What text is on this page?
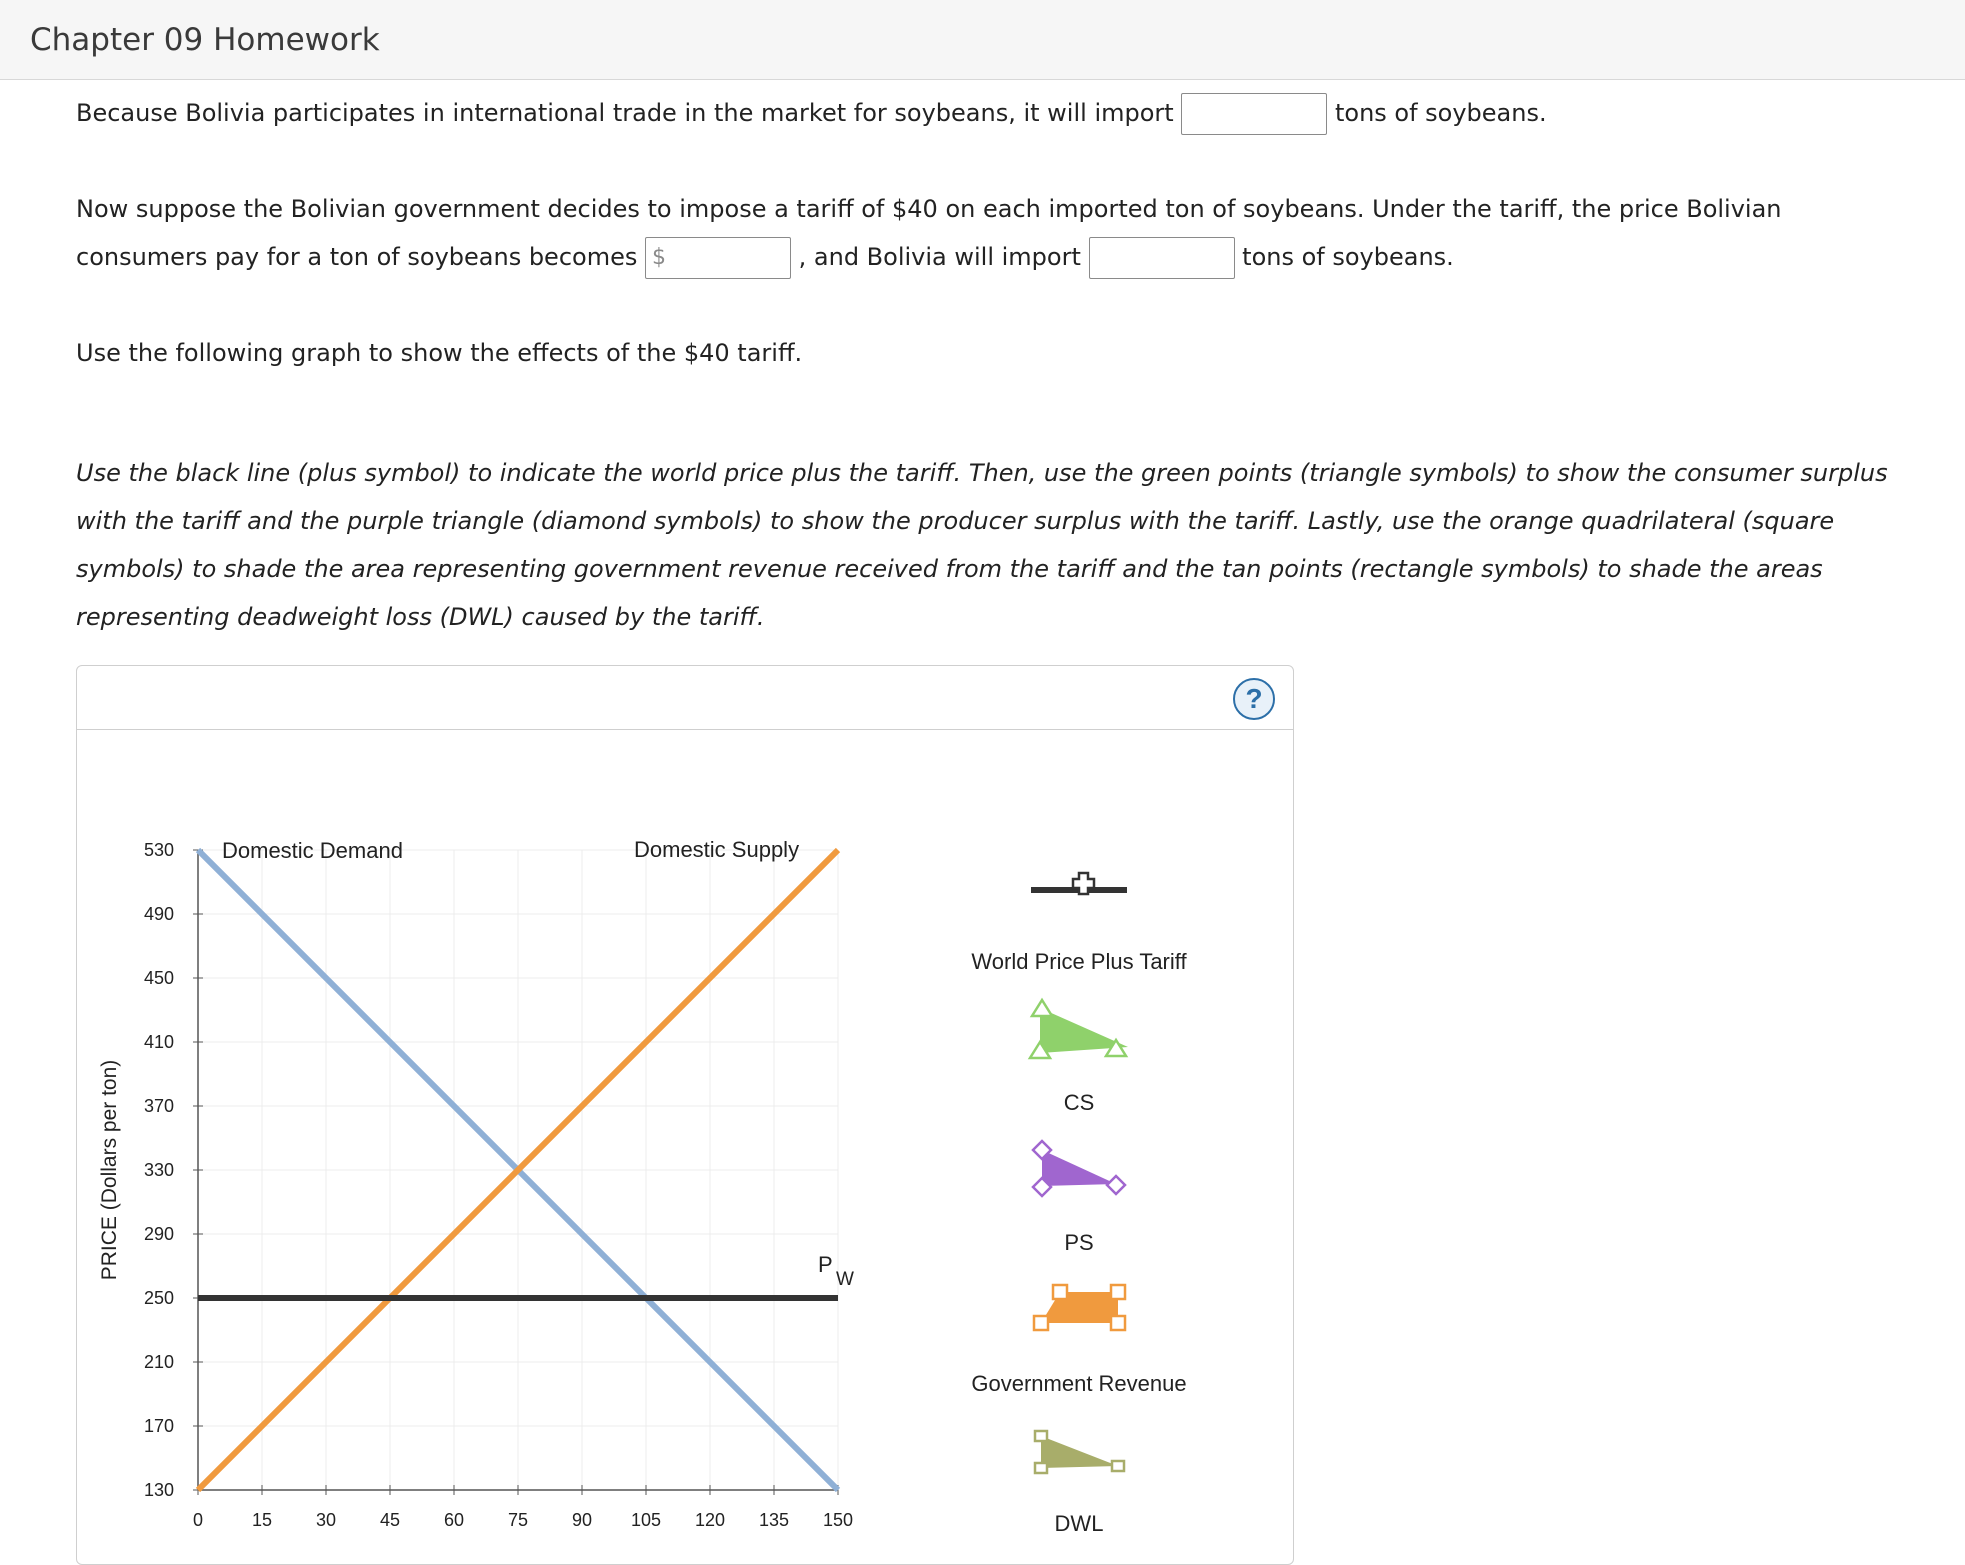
Chapter 09 Homework
Because Bolivia participates in international trade in the market for soybeans, it will import	tons of soybeans.
Now suppose the Bolivian government decides to impose a tariff of $40 on each imported ton of soybeans. Under the tariff, the price Bolivian
consumers pay for a ton of soybeans becomes $	, and Bolivia will import	tons of soybeans.
Use the following graph to show the effects of the $40 tariff.
Use the black line (plus symbol) to indicate the world price plus the tariff. Then, use the green points (triangle symbols) to show the consumer surplus with the tariff and the purple triangle (diamond symbols) to show the producer surplus with the tariff. Lastly, use the orange quadrilateral (square symbols) to shade the area representing government revenue received from the tariff and the tan points (rectangle symbols) to shade the areas representing deadweight loss (DWL) caused by the tariff.
?
0	15 30 45 60 75 90 105 120 135 150
130
170
210
250
290
330
370
410
450
490
530
PRICE (Dollars per ton)
Domestic Demand	Domestic Supply
P
W
World Price Plus Tariff
CS
PS
Government Revenue
DWL
